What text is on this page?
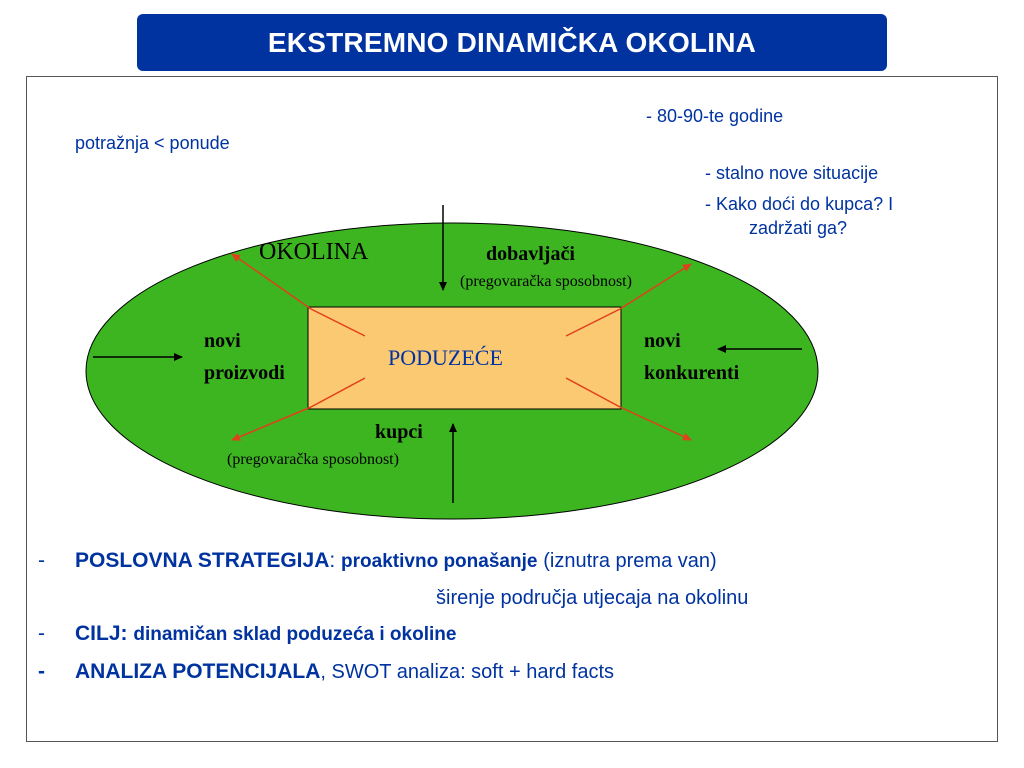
EKSTREMNO DINAMIČKA OKOLINA
- 80-90-te godine
potražnja < ponude
- stalno nove situacije
- Kako doći do kupca? I
zadržati ga?
OKOLINA	dobavljači
(pregovaračka sposobnost)
novi
proizvodi
PODUZEĆE
novi
konkurenti
kupci
(pregovaračka sposobnost)
- POSLOVNA STRATEGIJA: proaktivno ponašanje (iznutra prema van)
širenje područja utjecaja na okolinu
- CILJ: dinamičan sklad poduzeća i okoline
- ANALIZA POTENCIJALA, SWOT analiza: soft + hard facts
